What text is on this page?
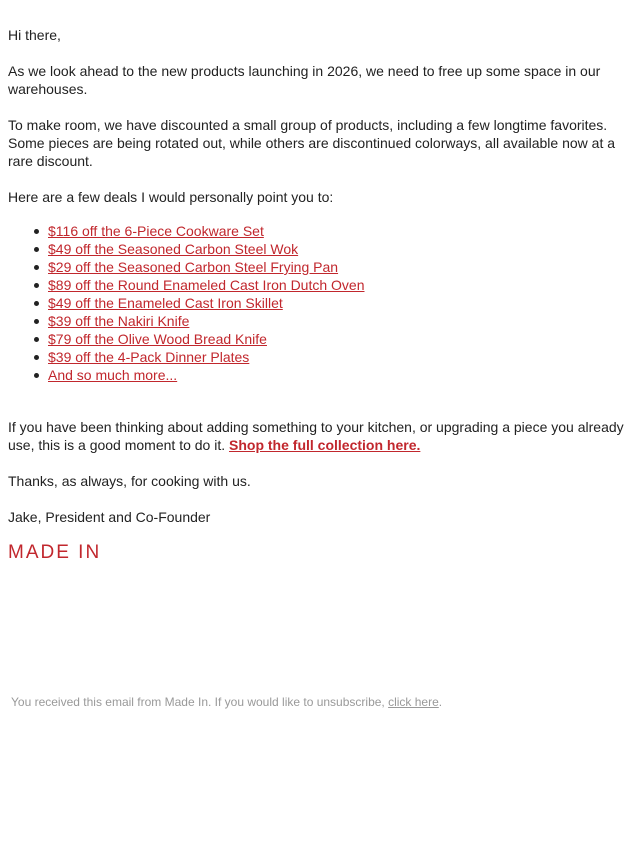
Hi there,

As we look ahead to the new products launching in 2026, we need to free up some space in our warehouses.

To make room, we have discounted a small group of products, including a few longtime favorites. Some pieces are being rotated out, while others are discontinued colorways, all available now at a rare discount.

Here are a few deals I would personally point you to:

$116 off the 6-Piece Cookware Set
$49 off the Seasoned Carbon Steel Wok
$29 off the Seasoned Carbon Steel Frying Pan
$89 off the Round Enameled Cast Iron Dutch Oven
$49 off the Enameled Cast Iron Skillet
$39 off the Nakiri Knife
$79 off the Olive Wood Bread Knife
$39 off the 4-Pack Dinner Plates
And so much more...

If you have been thinking about adding something to your kitchen, or upgrading a piece you already use, this is a good moment to do it. Shop the full collection here.

Thanks, as always, for cooking with us.

Jake, President and Co-Founder

MADE IN
You received this email from Made In. If you would like to unsubscribe, click here.
